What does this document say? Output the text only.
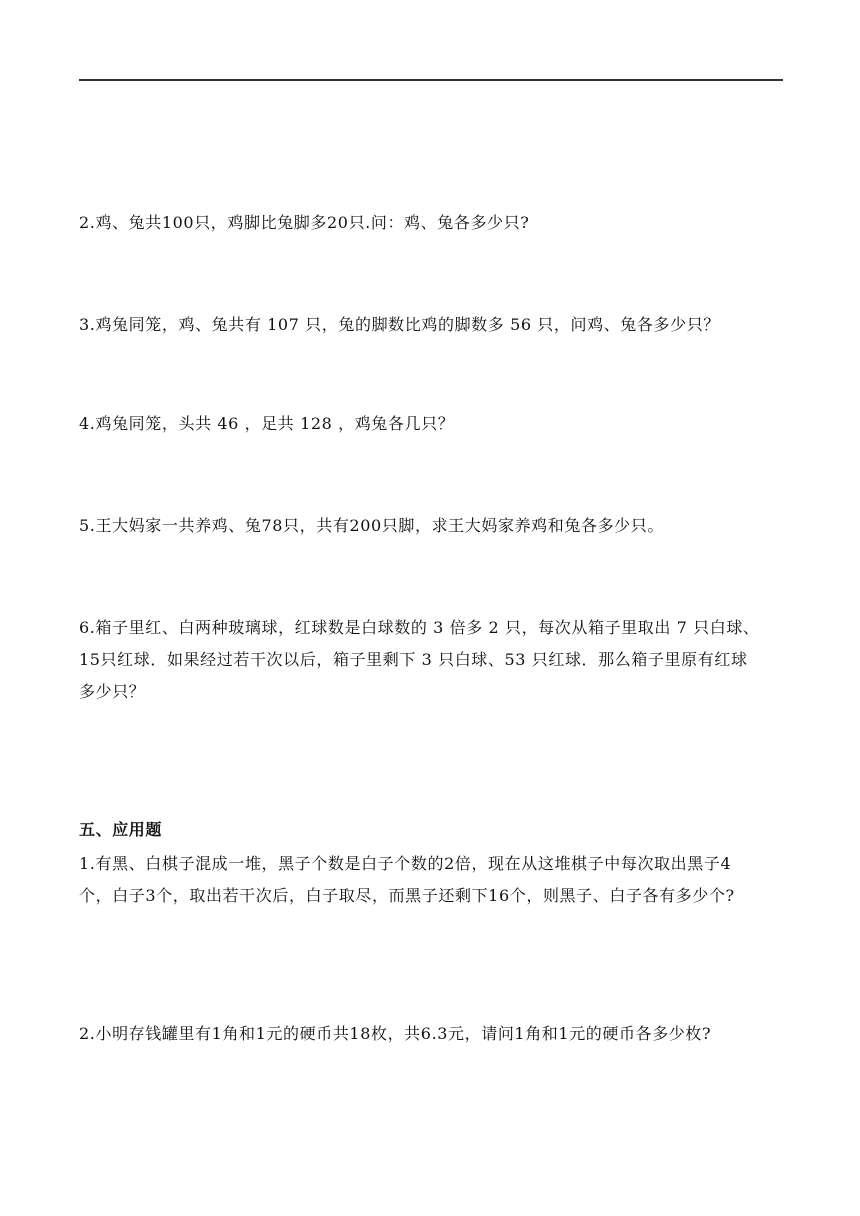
2.鸡、兔共100只，鸡脚比兔脚多20只.问：鸡、兔各多少只?

3.鸡兔同笼，鸡、兔共有 107 只，兔的脚数比鸡的脚数多 56 只，问鸡、兔各多少只？

4.鸡兔同笼，头共 46 ，足共 128 ，鸡兔各几只？

5.王大妈家一共养鸡、兔78只，共有200只脚，求王大妈家养鸡和兔各多少只。

6.箱子里红、白两种玻璃球，红球数是白球数的 3 倍多 2 只，每次从箱子里取出 7 只白球、
15只红球．如果经过若干次以后，箱子里剩下 3 只白球、53 只红球．那么箱子里原有红球
多少只？

五、应用题

1.有黑、白棋子混成一堆，黑子个数是白子个数的2倍，现在从这堆棋子中每次取出黑子4
个，白子3个，取出若干次后，白子取尽，而黑子还剩下16个，则黑子、白子各有多少个?

2.小明存钱罐里有1角和1元的硬币共18枚，共6.3元，请问1角和1元的硬币各多少枚?
